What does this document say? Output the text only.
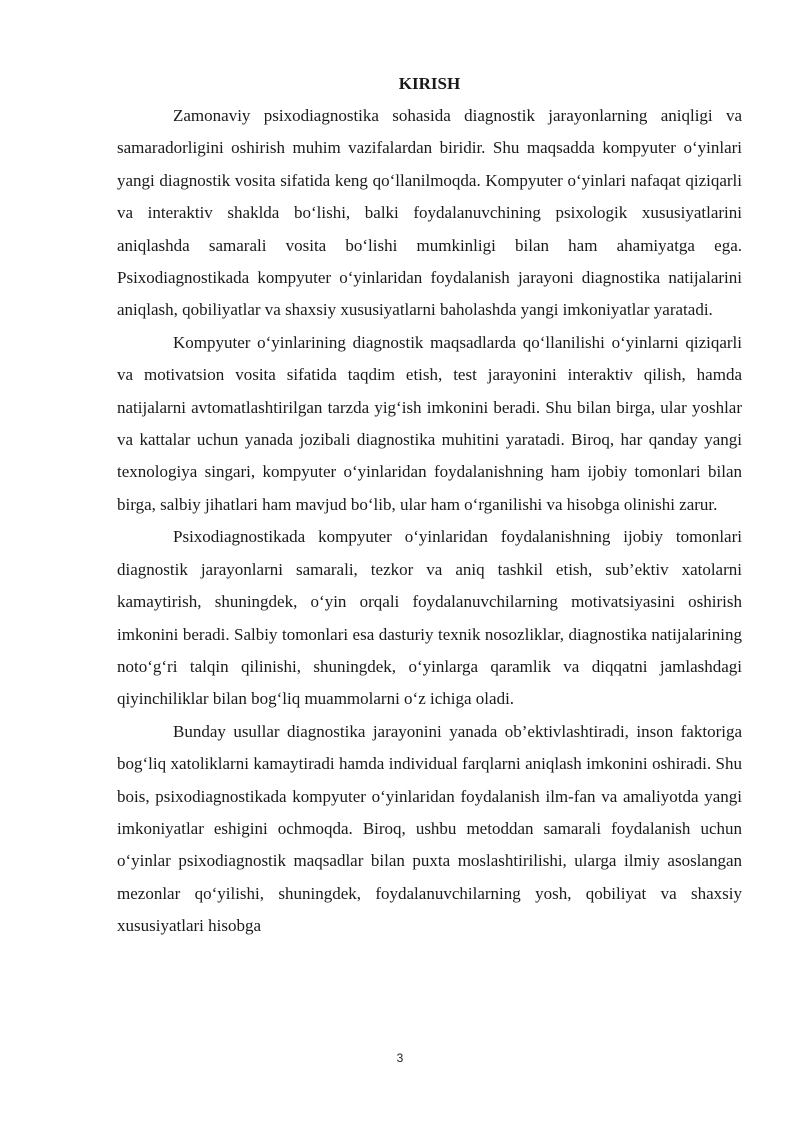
KIRISH

Zamonaviy psixodiagnostika sohasida diagnostik jarayonlarning aniqligi va samaradorligini oshirish muhim vazifalardan biridir. Shu maqsadda kompyuter o‘yinlari yangi diagnostik vosita sifatida keng qo‘llanilmoqda. Kompyuter o‘yinlari nafaqat qiziqarli va interaktiv shaklda bo‘lishi, balki foydalanuvchining psixologik xususiyatlarini aniqlashda samarali vosita bo‘lishi mumkinligi bilan ham ahamiyatga ega. Psixodiagnostikada kompyuter o‘yinlaridan foydalanish jarayoni diagnostika natijalarini aniqlash, qobiliyatlar va shaxsiy xususiyatlarni baholashda yangi imkoniyatlar yaratadi.

Kompyuter o‘yinlarining diagnostik maqsadlarda qo‘llanilishi o‘yinlarni qiziqarli va motivatsion vosita sifatida taqdim etish, test jarayonini interaktiv qilish, hamda natijalarni avtomatlashtirilgan tarzda yig‘ish imkonini beradi. Shu bilan birga, ular yoshlar va kattalar uchun yanada jozibali diagnostika muhitini yaratadi. Biroq, har qanday yangi texnologiya singari, kompyuter o‘yinlaridan foydalanishning ham ijobiy tomonlari bilan birga, salbiy jihatlari ham mavjud bo‘lib, ular ham o‘rganilishi va hisobga olinishi zarur.

Psixodiagnostikada kompyuter o‘yinlaridan foydalanishning ijobiy tomonlari diagnostik jarayonlarni samarali, tezkor va aniq tashkil etish, sub’ektiv xatolarni kamaytirish, shuningdek, o‘yin orqali foydalanuvchilarning motivatsiyasini oshirish imkonini beradi. Salbiy tomonlari esa dasturiy texnik nosozliklar, diagnostika natijalarining noto‘g‘ri talqin qilinishi, shuningdek, o‘yinlarga qaramlik va diqqatni jamlashdagi qiyinchiliklar bilan bog‘liq muammolarni o‘z ichiga oladi.

Bunday usullar diagnostika jarayonini yanada ob’ektivlashtiradi, inson faktoriga bog‘liq xatoliklarni kamaytiradi hamda individual farqlarni aniqlash imkonini oshiradi. Shu bois, psixodiagnostikada kompyuter o‘yinlaridan foydalanish ilm-fan va amaliyotda yangi imkoniyatlar eshigini ochmoqda. Biroq, ushbu metoddan samarali foydalanish uchun o‘yinlar psixodiagnostik maqsadlar bilan puxta moslashtirilishi, ularga ilmiy asoslangan mezonlar qo‘yilishi, shuningdek, foydalanuvchilarning yosh, qobiliyat va shaxsiy xususiyatlari hisobga

3
